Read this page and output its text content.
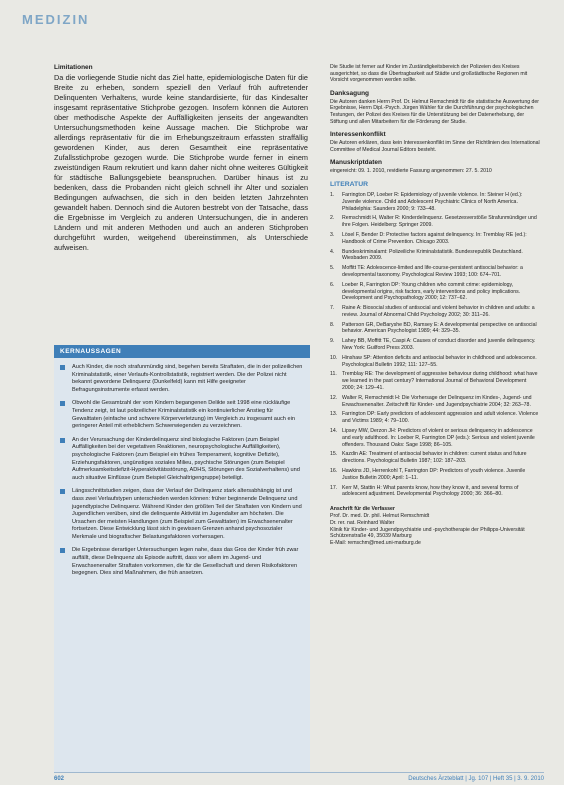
MEDIZIN

Limitationen

Da die vorliegende Studie nicht das Ziel hatte, epidemiologische Daten für die Breite zu erheben, sondern speziell den Verlauf früh auftretender Delinquenten Verhaltens, wurde keine standardisierte, für das Kindesalter insgesamt repräsentative Stichprobe gezogen. Insofern können die Autoren über methodische Aspekte der Auffälligkeiten jenseits der angewandten Untersuchungsmethoden keine Aussage machen. Die Stichprobe war allerdings repräsentativ für die im Erhebungszeitraum erfassten straffällig gewordenen Kinder, aus deren Gesamtheit eine repräsentative Zufallsstichprobe gezogen wurde. Die Stichprobe wurde ferner in einem zweistündigen Raum rekrutiert und kann daher nicht ohne weiteres Gültigkeit für städtische Ballungsgebiete beanspruchen. Darüber hinaus ist zu bedenken, dass die Probanden nicht gleich schnell ihr Alter und sozialen Bedingungen aufwachsen, die sich in den beiden letzten Jahrzehnten gewandelt haben. Dennoch sind die Autoren bestrebt von der Tatsache, dass die Ergebnisse im Vergleich zu anderen Untersuchungen, die in anderen Ländern und mit anderen Methoden und auch an anderen Stichproben durchgeführt wurden, weitgehend übereinstimmen, als Unterschiede aufweisen.

KERNAUSSAGEN
Auch Kinder, die noch strafunmündig sind, begehen bereits Straftaten, die in der polizeilichen Kriminalstatistik, einer Verlaufs-Kontrollstatistik, registriert werden. Die der Polizei nicht bekannt gewordene Delinquenz (Dunkelfeld) kann mit Hilfe geeigneter Befragungsinstrumente erfasst werden.
Obwohl die Gesamtzahl der vom Kindern begangenen Delikte seit 1998 eine rückläufige Tendenz zeigt, ist laut polizeilicher Kriminalstatistik ein kontinuierlicher Anstieg für Gewalttaten (einfache und schwere Körperverletzung) im Vergleich zu insgesamt auch ein geringerer Anteil mit erheblichem Schwerwiegenden zu verzeichnen.
An der Verursachung der Kinderdelinquenz sind biologische Faktoren (zum Beispiel Auffälligkeiten bei der vegetativen Reaktionen, neuropsychologische Auffälligkeiten), psychologische Faktoren (zum Beispiel ein frühes Temperament, kognitive Defizite), Erziehungsfaktoren, ungünstiges soziales Milieu, psychische Störungen (zum Beispiel Aufmerksamkeitsdefizit-Hyperaktivitätsstörung, ADHS, Störungen des Sozialverhaltens) und auch situative Einflüsse (zum Beispiel Gleichaltrigengruppe) beteiligt.
Längsschnittstudien zeigen, dass der Verlauf der Delinquenz stark altersabhängig ist und dass zwei Verlaufstypen unterschieden werden können: früher beginnende Delinquenz und jugendtypische Delinquenz. Während Kinder den größten Teil der Straftaten von Kindern und Jugendlichen verüben, sind die delinquente Aktivität im Jugendalter am höchsten. Die Ursachen der meisten Handlungen (zum Beispiel zum Gewalttaten) im Erwachsenenalter fortsetzen. Diese Entwicklung lässt sich in gewissen Grenzen anhand psychosozialer Merkmale und biografischer Belastungsfaktoren vorhersagen.
Die Ergebnisse derartiger Untersuchungen legen nahe, dass das Gros der Kinder früh zwar auffällt, diese Delinquenz als Episode auftritt, dass vor allem im Jugend- und Erwachsenenalter Straftaten vorkommen, die für die Gesellschaft und deren Risikofaktoren begegnen. Dies sind Maßnahmen, die früh ansetzen.

Die Studie ist ferner auf Kinder im Zuständigkeitsbereich der Polizeien des Kreises ausgerichtet, so dass die Übertragbarkeit auf Städte und großstädtische Regionen mit Vorsicht vorgenommen werden sollte.

Danksagung

Die Autoren danken Herrn Prof. Dr. Helmut Remschmidt für die statistische Auswertung der Ergebnisse, Herrn Dipl.-Psych. Jürgen Wähler für die Durchführung der psychologischen Testungen, der Polizei des Kreises für die Unterstützung bei der Datenerhebung, der Stiftung und allen Mitarbeitern für die Förderung der Studie.

Interessenkonflikt

Die Autoren erklären, dass kein Interessenkonflikt im Sinne der Richtlinien des International Committee of Medical Journal Editors besteht.

Manuskriptdaten

eingereicht: 09. 1. 2010, revidierte Fassung angenommen: 27. 5. 2010

LITERATUR
1. Farrington DP, Loeber R: Epidemiology of juvenile violence. In: Steiner H (ed.): Juvenile violence. Child and Adolescent Psychiatric Clinics of North America. Philadelphia: Saunders 2000; 9: 733–48.
2. Remschmidt H, Walter R: Kinderdelinquenz. Gesetzesverstöße Strafunmündiger und ihre Folgen. Heidelberg: Springer 2009.
3. Lösel F, Bender D: Protective factors against delinquency. In: Tremblay RE (ed.): Handbook of Crime Prevention. Chicago 2003.
4. Bundeskriminalamt: Polizeiliche Kriminalstatistik. Bundesrepublik Deutschland. Wiesbaden 2009.
5. Moffitt TE: Adolescence-limited and life-course-persistent antisocial behavior: a developmental taxonomy. Psychological Review 1993; 100: 674–701.
6. Loeber R, Farrington DP: Young children who commit crime: epidemiology, developmental origins, risk factors, early interventions and policy implications. Development and Psychopathology 2000; 12: 737–62.
7. Raine A: Biosocial studies of antisocial and violent behavior in children and adults: a review. Journal of Abnormal Child Psychology 2002; 30: 311–26.
8. Patterson GR, DeBaryshe BD, Ramsey E: A developmental perspective on antisocial behavior. American Psychologist 1989; 44: 329–35.
9. Lahey BB, Moffitt TE, Caspi A: Causes of conduct disorder and juvenile delinquency. New York: Guilford Press 2003.
10. Hinshaw SP: Attention deficits and antisocial behavior in childhood and adolescence. Psychological Bulletin 1992; 111: 127–55.
11. Tremblay RE: The development of aggressive behaviour during childhood: what have we learned in the past century? International Journal of Behavioral Development 2000; 24: 129–41.
12. Walter R, Remschmidt H: Die Vorhersage der Delinquenz im Kindes-, Jugend- und Erwachsenenalter. Zeitschrift für Kinder- und Jugendpsychiatrie 2004; 32: 263–78.
13. Farrington DP: Early predictors of adolescent aggression and adult violence. Violence and Victims 1989; 4: 79–100.
14. Lipsey MW, Derzon JH: Predictors of violent or serious delinquency in adolescence and early adulthood. In: Loeber R, Farrington DP (eds.): Serious and violent juvenile offenders. Thousand Oaks: Sage 1998; 86–105.
15. Kazdin AE: Treatment of antisocial behavior in children: current status and future directions. Psychological Bulletin 1987; 102: 187–203.
16. Hawkins JD, Herrenkohl T, Farrington DP: Predictors of youth violence. Juvenile Justice Bulletin 2000; April: 1–11.
17. Kerr M, Stattin H: What parents know, how they know it, and several forms of adolescent adjustment. Developmental Psychology 2000; 36: 366–80.
Anschrift für die Verfasser
Prof. Dr. med. Dr. phil. Helmut Remschmidt
Dr. rer. nat. Reinhard Walter
Klinik für Kinder- und Jugendpsychiatrie und -psychotherapie der Philipps-Universität
Schützenstraße 49, 35039 Marburg
E-Mail: remschm@med.uni-marburg.de
602	Deutsches Ärzteblatt | Jg. 107 | Heft 35 | 3. 9. 2010
